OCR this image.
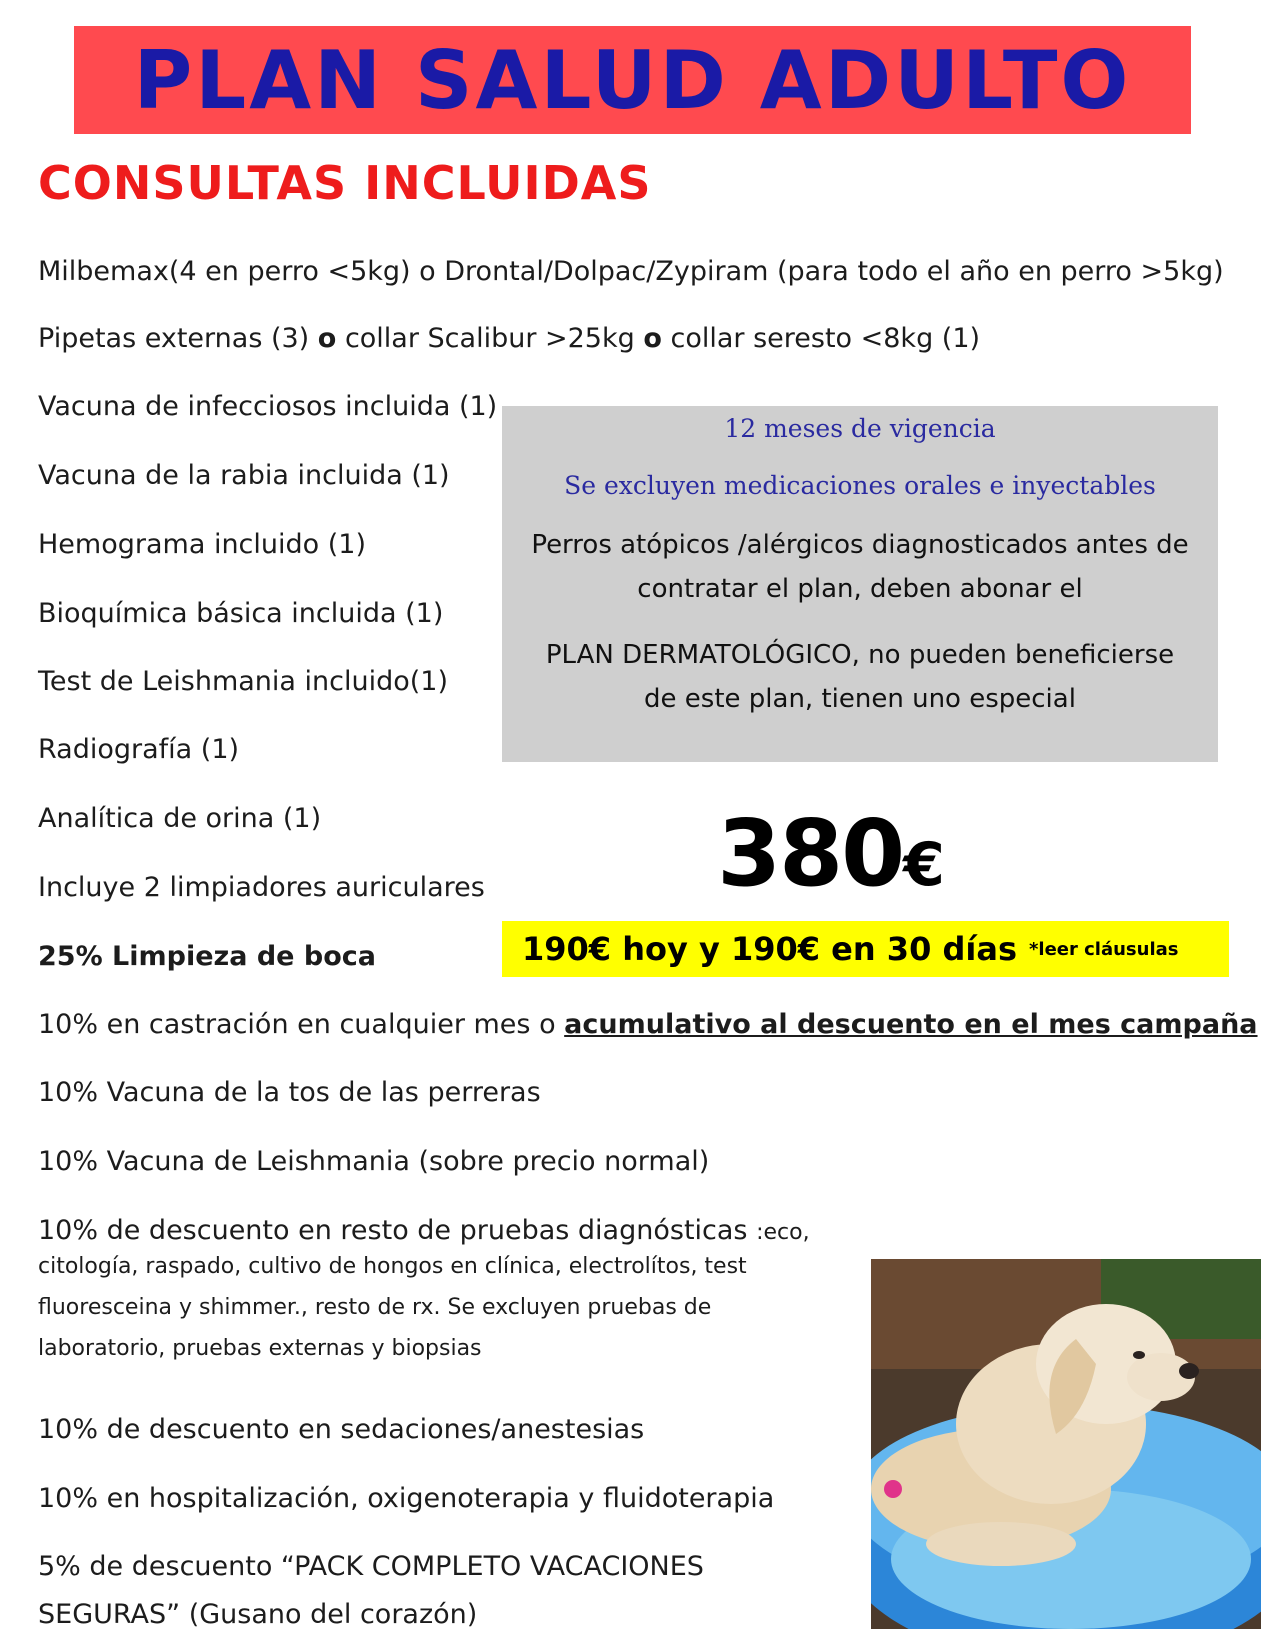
PLAN SALUD ADULTO
CONSULTAS INCLUIDAS

Milbemax(4 en perro <5kg) o Drontal/Dolpac/Zypiram (para todo el año en perro >5kg)

Pipetas externas (3) o collar Scalibur >25kg o collar seresto <8kg (1)

Vacuna de infecciosos incluida (1)

Vacuna de la rabia incluida (1)

Hemograma incluido (1)

Bioquímica básica incluida (1)

Test de Leishmania incluido(1)

Radiografía (1)

Analítica de orina (1)

Incluye 2 limpiadores auriculares

25% Limpieza de boca

10% en castración en cualquier mes o acumulativo al descuento en el mes campaña

10% Vacuna de la tos de las perreras

10% Vacuna de Leishmania (sobre precio normal)

10% de descuento en resto de pruebas diagnósticas :eco,
citología, raspado, cultivo de hongos en clínica, electrolítos, test
fluoresceina y shimmer., resto de rx. Se excluyen pruebas de
laboratorio, pruebas externas y biopsias

10% de descuento en sedaciones/anestesias

10% en hospitalización, oxigenoterapia y fluidoterapia

5% de descuento “PACK COMPLETO VACACIONES

SEGURAS” (Gusano del corazón)

12 meses de vigencia
Se excluyen medicaciones orales e inyectables
Perros atópicos /alérgicos diagnosticados antes de
contratar el plan, deben abonar el
PLAN DERMATOLÓGICO, no pueden beneficierse
de este plan, tienen uno especial
380€
190€ hoy y 190€ en 30 días *leer cláusulas
